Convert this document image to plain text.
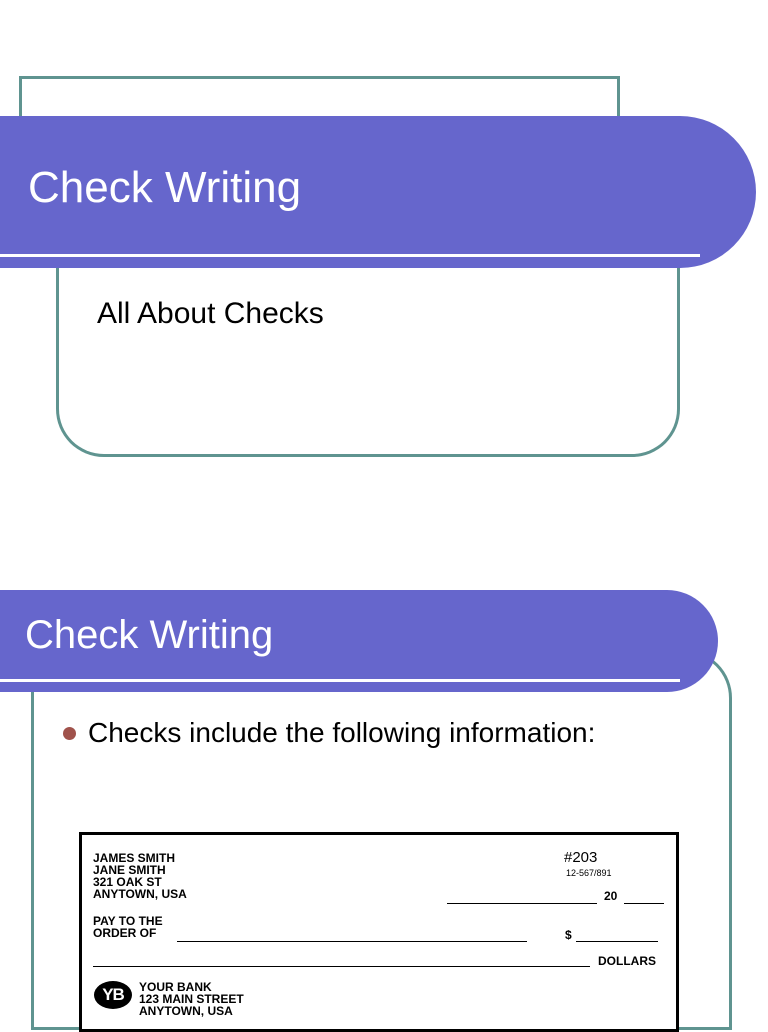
Check Writing
All About Checks
Check Writing
Checks include the following information:
JAMES SMITH
JANE SMITH
321 OAK ST
ANYTOWN, USA
#203
12-567/891
20
PAY TO THE
ORDER OF	$
DOLLARS
YB	YOUR BANK
123 MAIN STREET
ANYTOWN, USA
